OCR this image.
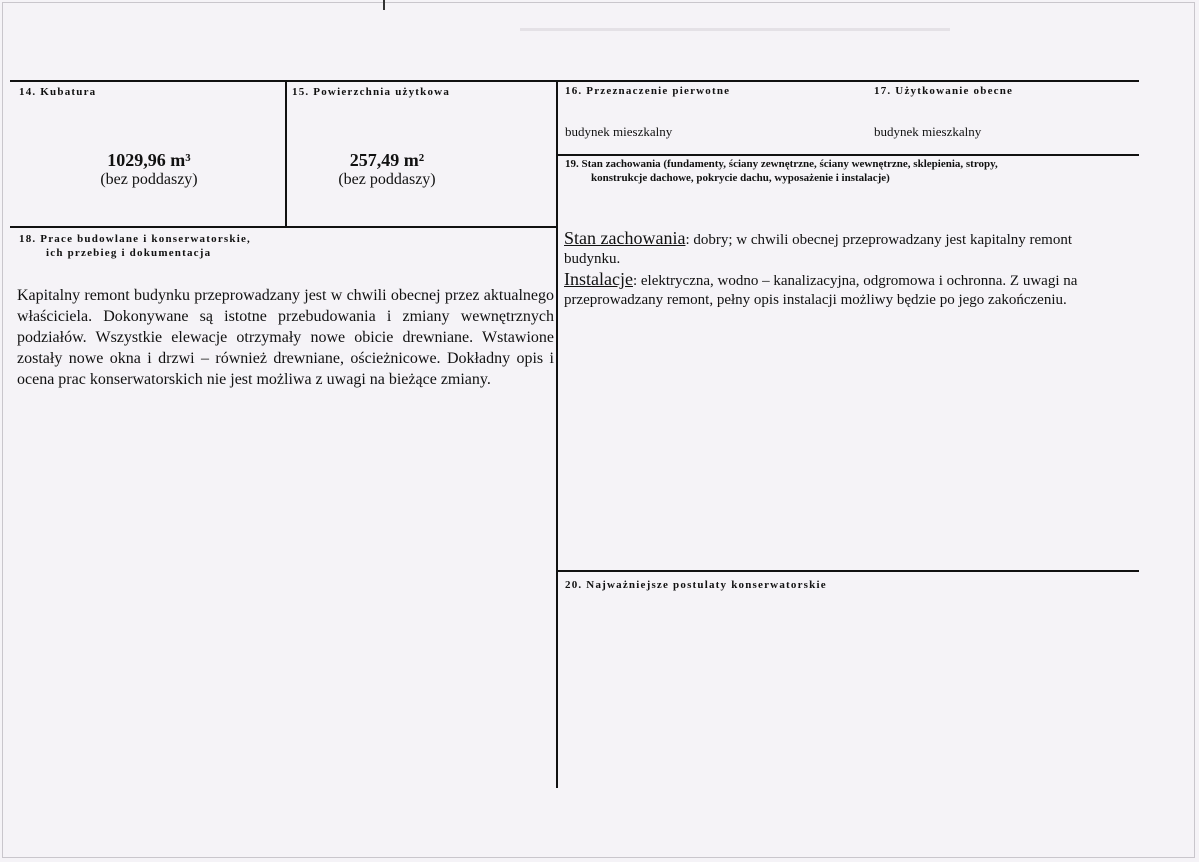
14. Kubatura
1029,96 m³
(bez poddaszy)
15. Powierzchnia użytkowa
257,49 m²
(bez poddaszy)
16. Przeznaczenie pierwotne
budynek mieszkalny
17. Użytkowanie obecne
budynek mieszkalny
19. Stan zachowania (fundamenty, ściany zewnętrzne, ściany wewnętrzne, sklepienia, stropy,
konstrukcje dachowe, pokrycie dachu, wyposażenie i instalacje)
Stan zachowania: dobry; w chwili obecnej przeprowadzany jest kapitalny remont budynku.
Instalacje: elektryczna, wodno – kanalizacyjna, odgromowa i ochronna. Z uwagi na przeprowadzany remont, pełny opis instalacji możliwy będzie po jego zakończeniu.
18. Prace budowlane i konserwatorskie,
ich przebieg i dokumentacja
Kapitalny remont budynku przeprowadzany jest w chwili obecnej przez aktualnego właściciela. Dokonywane są istotne przebudowania i zmiany wewnętrznych podziałów. Wszystkie elewacje otrzymały nowe obicie drewniane. Wstawione zostały nowe okna i drzwi – również drewniane, ościeżnicowe. Dokładny opis i ocena prac konserwatorskich nie jest możliwa z uwagi na bieżące zmiany.
20. Najważniejsze postulaty konserwatorskie
